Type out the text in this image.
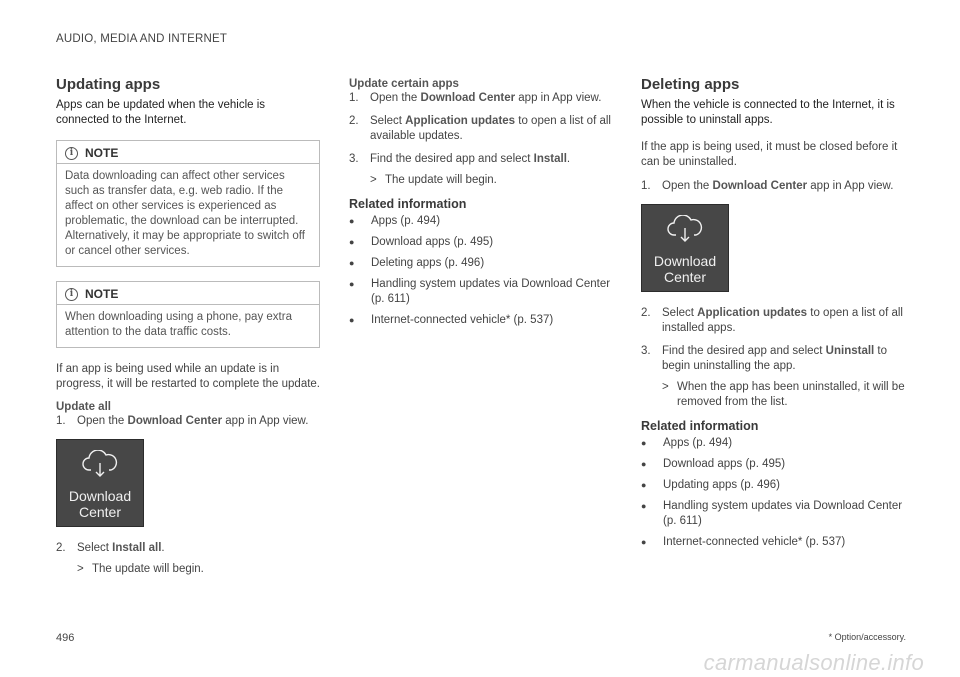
AUDIO, MEDIA AND INTERNET
Updating apps

Apps can be updated when the vehicle is connected to the Internet.

i NOTE
Data downloading can affect other services such as transfer data, e.g. web radio. If the affect on other services is experienced as problematic, the download can be interrupted. Alternatively, it may be appropriate to switch off or cancel other services.
i NOTE
When downloading using a phone, pay extra attention to the data traffic costs.

If an app is being used while an update is in progress, it will be restarted to complete the update.

Update all
1. Open the Download Center app in App view.
Download
Center
2. Select Install all.
> The update will begin.
Update certain apps
1. Open the Download Center app in App view.
2. Select Application updates to open a list of all available updates.
3. Find the desired app and select Install.
> The update will begin.
Related information
●	Apps (p. 494)
●	Download apps (p. 495)
●	Deleting apps (p. 496)
●	Handling system updates via Download Center (p. 611)
●	Internet-connected vehicle* (p. 537)
Deleting apps

When the vehicle is connected to the Internet, it is possible to uninstall apps.

If the app is being used, it must be closed before it can be uninstalled.

1. Open the Download Center app in App view.
Download
Center
2. Select Application updates to open a list of all installed apps.
3. Find the desired app and select Uninstall to begin uninstalling the app.
> When the app has been uninstalled, it will be removed from the list.
Related information
●	Apps (p. 494)
●	Download apps (p. 495)
●	Updating apps (p. 496)
●	Handling system updates via Download Center (p. 611)
●	Internet-connected vehicle* (p. 537)
496	* Option/accessory.
carmanualsonline.info
